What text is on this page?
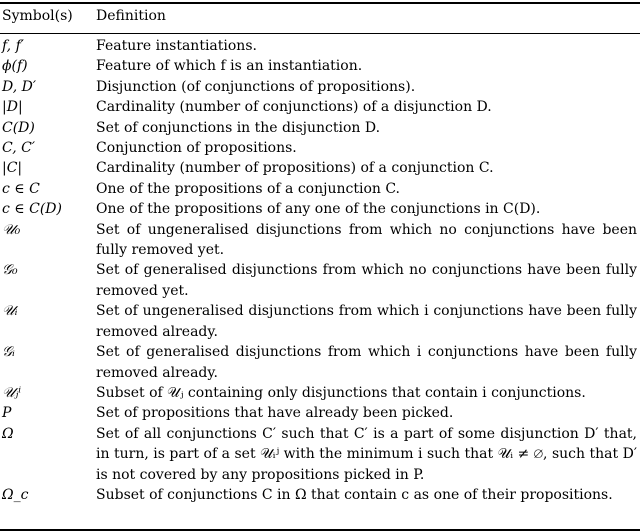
Symbol(s) Definition
f, f′	Feature instantiations.
ϕ(f)	Feature of which f is an instantiation.
D, D′	Disjunction (of conjunctions of propositions).
|D|	Cardinality (number of conjunctions) of a disjunction D.
C(D)	Set of conjunctions in the disjunction D.
C, C′	Conjunction of propositions.
|C|	Cardinality (number of propositions) of a conjunction C.
c ∈ C	One of the propositions of a conjunction C.
c ∈ C(D)	One of the propositions of any one of the conjunctions in C(D).
𝒰₀	Set of ungeneralised disjunctions from which no conjunctions have been fully removed yet.
𝒢₀	Set of generalised disjunctions from which no conjunctions have been fully removed yet.
𝒰ᵢ	Set of ungeneralised disjunctions from which i conjunctions have been fully removed already.
𝒢ᵢ	Set of generalised disjunctions from which i conjunctions have been fully removed already.
𝒰ⱼⁱ	Subset of 𝒰ⱼ containing only disjunctions that contain i conjunctions.
P	Set of propositions that have already been picked.
Ω	Set of all conjunctions C′ such that C′ is a part of some disjunction D′ that, in turn, is part of a set 𝒰ᵢʲ with the minimum i such that 𝒰ᵢ ≠ ∅, such that D′ is not covered by any propositions picked in P.
Ω_c	Subset of conjunctions C in Ω that contain c as one of their propositions.
